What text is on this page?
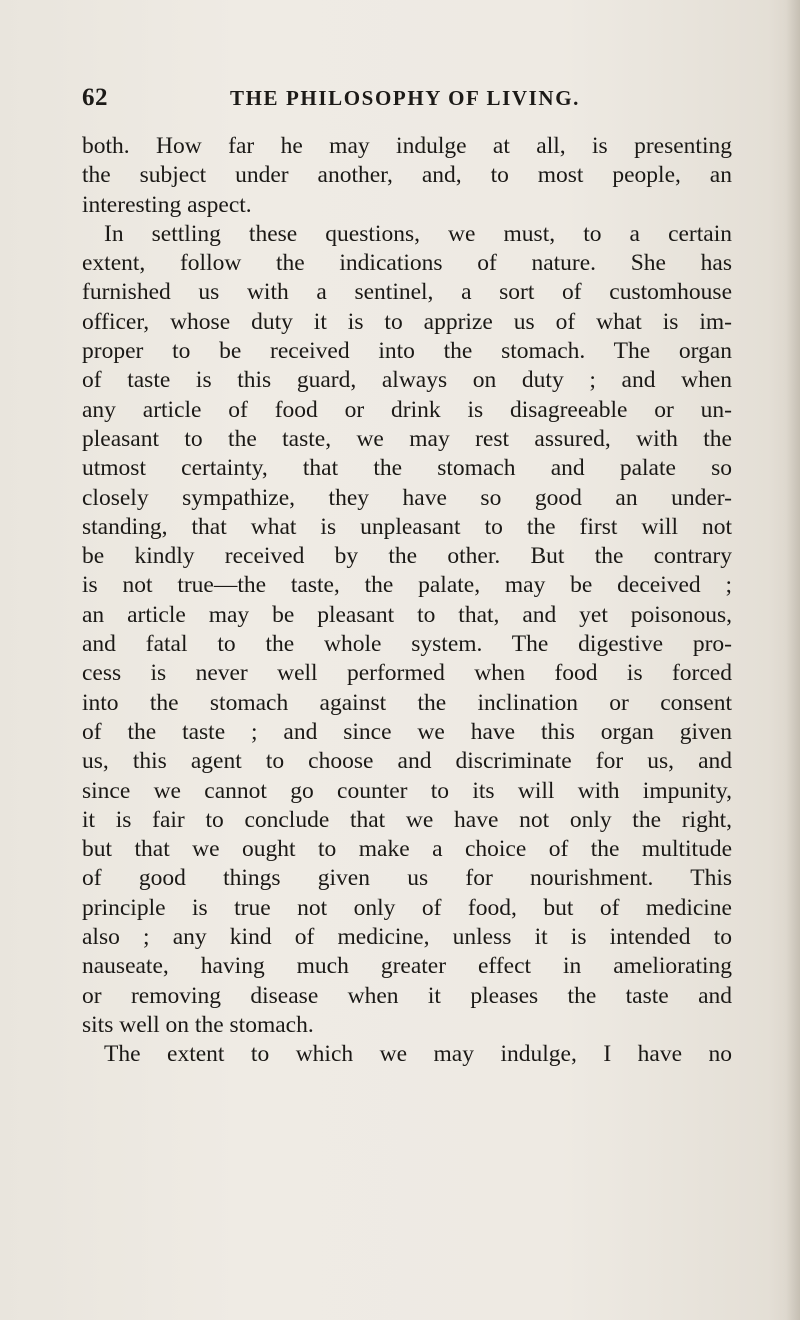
62	THE PHILOSOPHY OF LIVING.
both. How far he may indulge at all, is presenting
the subject under another, and, to most people, an
interesting aspect.
In settling these questions, we must, to a certain
extent, follow the indications of nature. She has
furnished us with a sentinel, a sort of customhouse
officer, whose duty it is to apprize us of what is im-
proper to be received into the stomach. The organ
of taste is this guard, always on duty ; and when
any article of food or drink is disagreeable or un-
pleasant to the taste, we may rest assured, with the
utmost certainty, that the stomach and palate so
closely sympathize, they have so good an under-
standing, that what is unpleasant to the first will not
be kindly received by the other. But the contrary
is not true—the taste, the palate, may be deceived ;
an article may be pleasant to that, and yet poisonous,
and fatal to the whole system. The digestive pro-
cess is never well performed when food is forced
into the stomach against the inclination or consent
of the taste ; and since we have this organ given
us, this agent to choose and discriminate for us, and
since we cannot go counter to its will with impunity,
it is fair to conclude that we have not only the right,
but that we ought to make a choice of the multitude
of good things given us for nourishment. This
principle is true not only of food, but of medicine
also ; any kind of medicine, unless it is intended to
nauseate, having much greater effect in ameliorating
or removing disease when it pleases the taste and
sits well on the stomach.
The extent to which we may indulge, I have no
